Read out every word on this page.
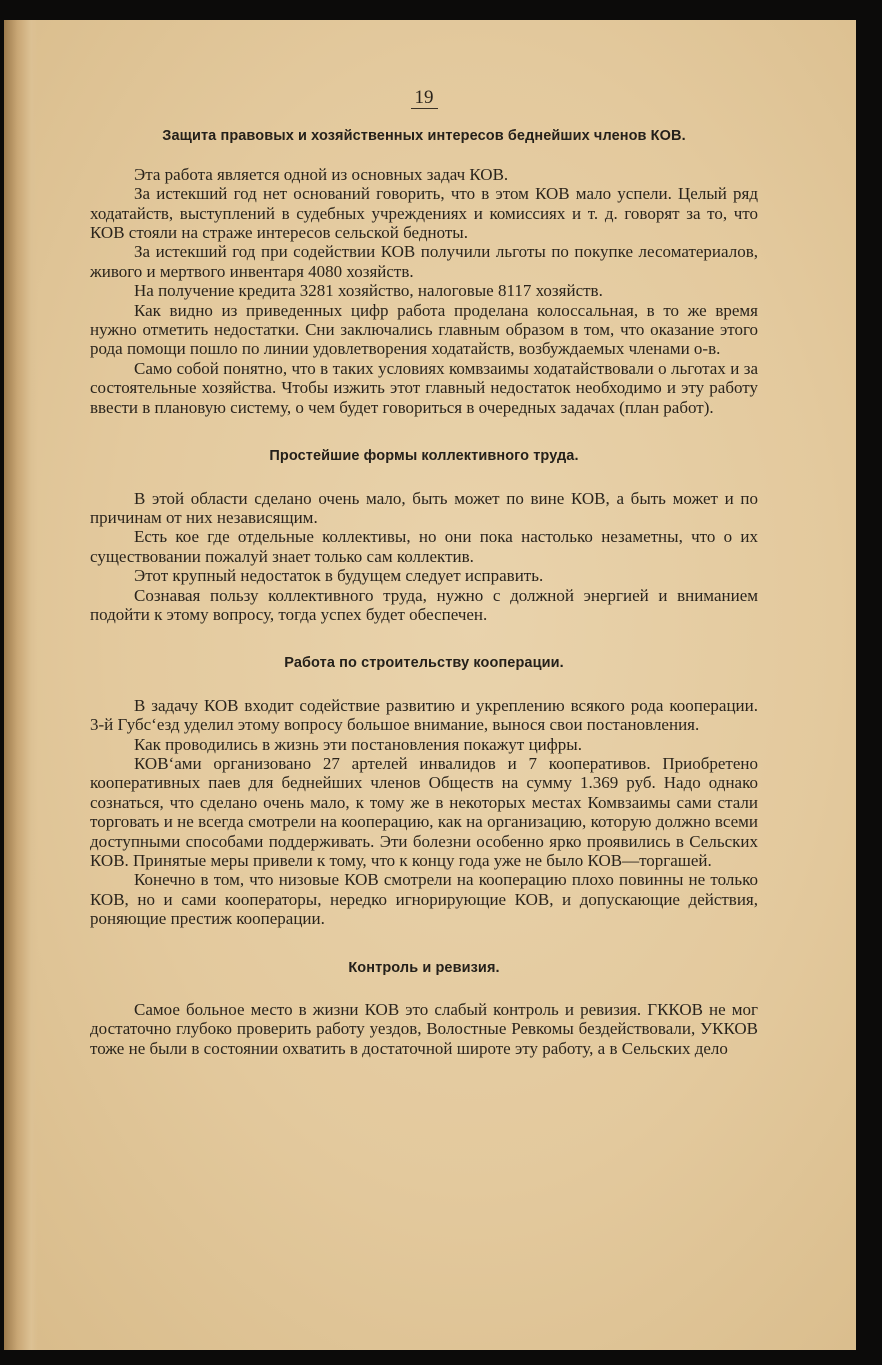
19
Защита правовых и хозяйственных интересов беднейших членов КОВ.

Эта работа является одной из основных задач КОВ.

За истекший год нет оснований говорить, что в этом КОВ мало успели. Целый ряд ходатайств, выступлений в судебных учреждениях и комиссиях и т. д. говорят за то, что КОВ стояли на страже интересов сельской бедноты.

За истекший год при содействии КОВ получили льготы по покупке лесоматериалов, живого и мертвого инвентаря 4080 хозяйств.

На получение кредита 3281 хозяйство, налоговые 8117 хозяйств.

Как видно из приведенных цифр работа проделана колоссальная, в то же время нужно отметить недостатки. Сни заключались главным образом в том, что оказание этого рода помощи пошло по линии удовлетворения ходатайств, возбуждаемых членами о-в.

Само собой понятно, что в таких условиях комвзаимы ходатайствовали о льготах и за состоятельные хозяйства. Чтобы изжить этот главный недостаток необходимо и эту работу ввести в плановую систему, о чем будет говориться в очередных задачах (план работ).

Простейшие формы коллективного труда.

В этой области сделано очень мало, быть может по вине КОВ, а быть может и по причинам от них независящим.

Есть кое где отдельные коллективы, но они пока настолько незаметны, что о их существовании пожалуй знает только сам коллектив.

Этот крупный недостаток в будущем следует исправить.

Сознавая пользу коллективного труда, нужно с должной энергией и вниманием подойти к этому вопросу, тогда успех будет обеспечен.

Работа по строительству кооперации.

В задачу КОВ входит содействие развитию и укреплению всякого рода кооперации. 3-й Губс‘езд уделил этому вопросу большое внимание, вынося свои постановления.

Как проводились в жизнь эти постановления покажут цифры.

КОВ‘ами организовано 27 артелей инвалидов и 7 кооперативов. Приобретено кооперативных паев для беднейших членов Обществ на сумму 1.369 руб. Надо однако сознаться, что сделано очень мало, к тому же в некоторых местах Комвзаимы сами стали торговать и не всегда смотрели на кооперацию, как на организацию, которую должно всеми доступными способами поддерживать. Эти болезни особенно ярко проявились в Сельских КОВ. Принятые меры привели к тому, что к концу года уже не было КОВ—торгашей.

Конечно в том, что низовые КОВ смотрели на кооперацию плохо повинны не только КОВ, но и сами кооператоры, нередко игнорирующие КОВ, и допускающие действия, роняющие престиж кооперации.

Контроль и ревизия.

Самое больное место в жизни КОВ это слабый контроль и ревизия. ГККОВ не мог достаточно глубоко проверить работу уездов, Волостные Ревкомы бездействовали, УККОВ тоже не были в состоянии охватить в достаточной широте эту работу, а в Сельских дело
